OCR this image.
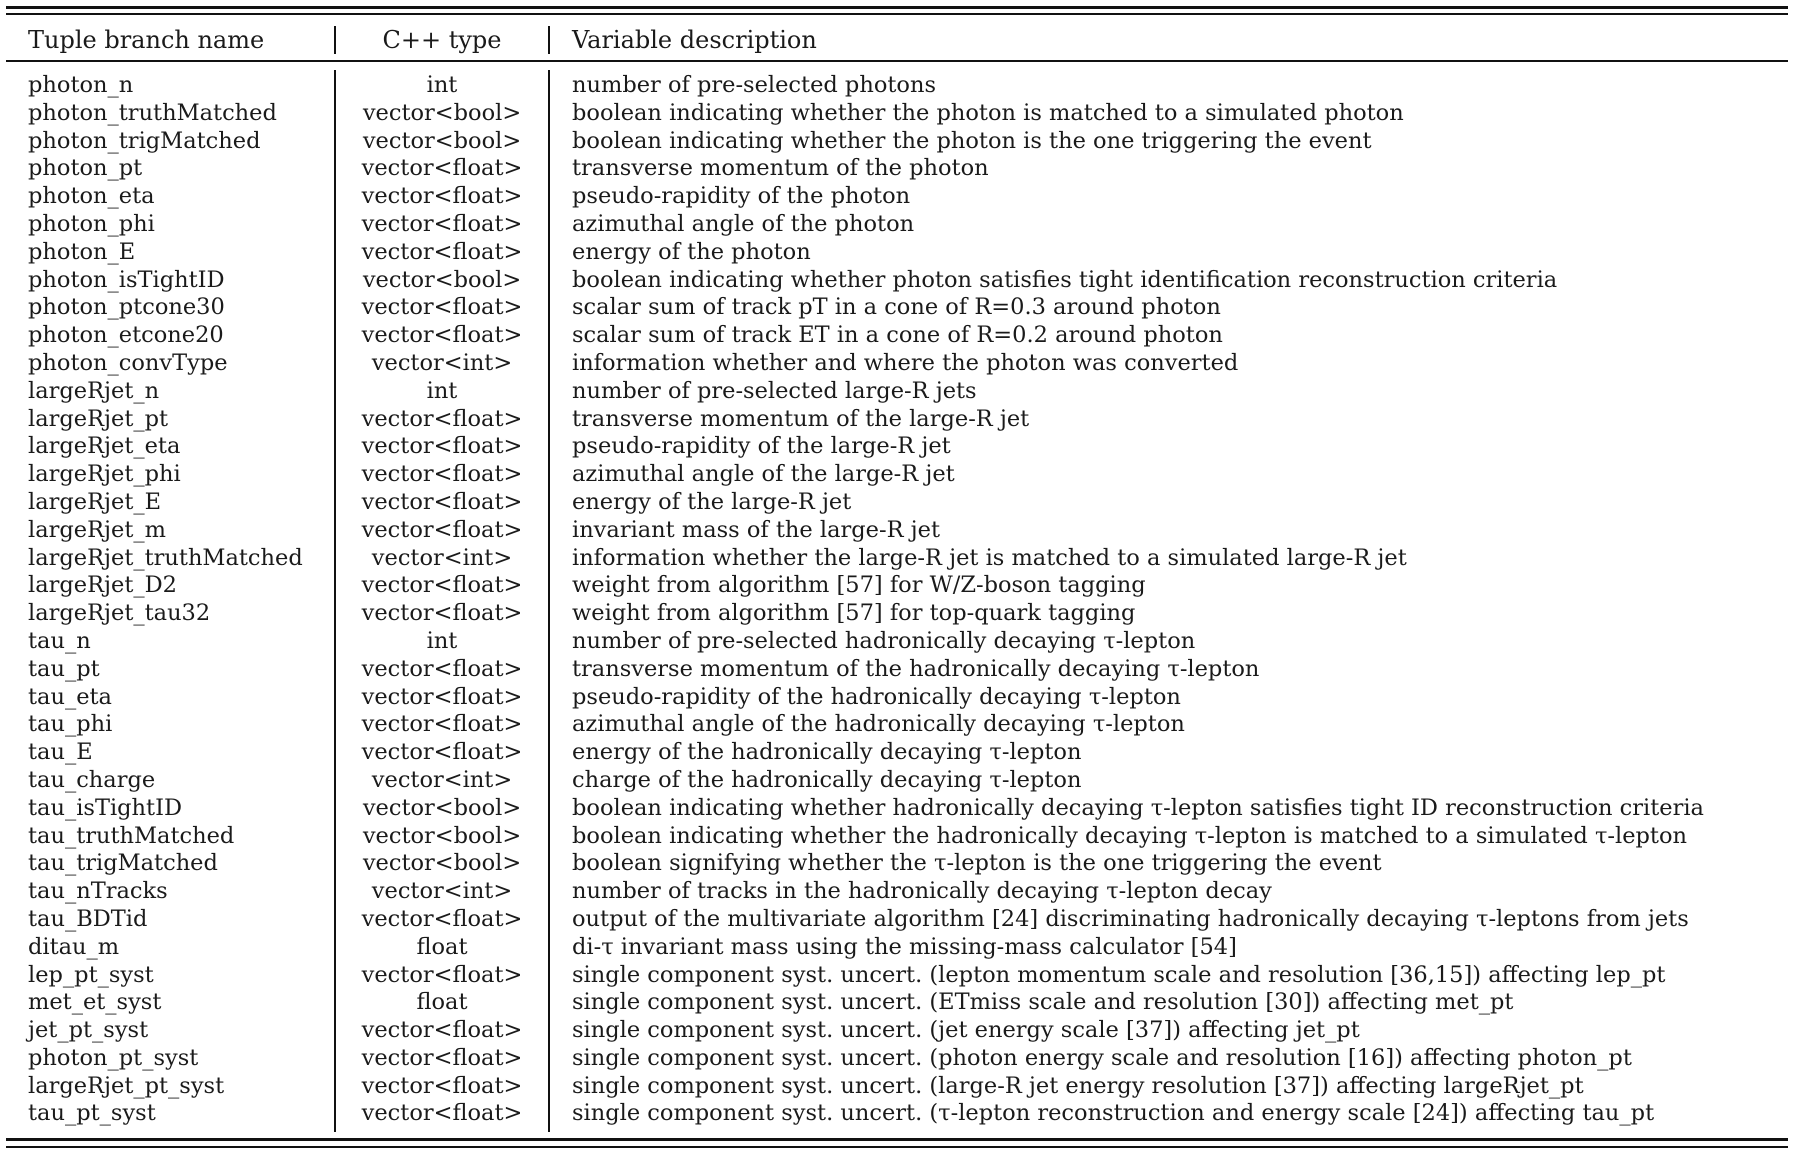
Tuple branch name	C++ type	Variable description
photon_n	int	number of pre-selected photons
photon_truthMatched	vector<bool>	boolean indicating whether the photon is matched to a simulated photon
photon_trigMatched	vector<bool>	boolean indicating whether the photon is the one triggering the event
photon_pt	vector<float>	transverse momentum of the photon
photon_eta	vector<float>	pseudo-rapidity of the photon
photon_phi	vector<float>	azimuthal angle of the photon
photon_E	vector<float>	energy of the photon
photon_isTightID	vector<bool>	boolean indicating whether photon satisfies tight identification reconstruction criteria
photon_ptcone30	vector<float>	scalar sum of track pT in a cone of R=0.3 around photon
photon_etcone20	vector<float>	scalar sum of track ET in a cone of R=0.2 around photon
photon_convType	vector<int>	information whether and where the photon was converted
largeRjet_n	int	number of pre-selected large-R jets
largeRjet_pt	vector<float>	transverse momentum of the large-R jet
largeRjet_eta	vector<float>	pseudo-rapidity of the large-R jet
largeRjet_phi	vector<float>	azimuthal angle of the large-R jet
largeRjet_E	vector<float>	energy of the large-R jet
largeRjet_m	vector<float>	invariant mass of the large-R jet
largeRjet_truthMatched	vector<int>	information whether the large-R jet is matched to a simulated large-R jet
largeRjet_D2	vector<float>	weight from algorithm [57] for W/Z-boson tagging
largeRjet_tau32	vector<float>	weight from algorithm [57] for top-quark tagging
tau_n	int	number of pre-selected hadronically decaying τ-lepton
tau_pt	vector<float>	transverse momentum of the hadronically decaying τ-lepton
tau_eta	vector<float>	pseudo-rapidity of the hadronically decaying τ-lepton
tau_phi	vector<float>	azimuthal angle of the hadronically decaying τ-lepton
tau_E	vector<float>	energy of the hadronically decaying τ-lepton
tau_charge	vector<int>	charge of the hadronically decaying τ-lepton
tau_isTightID	vector<bool>	boolean indicating whether hadronically decaying τ-lepton satisfies tight ID reconstruction criteria
tau_truthMatched	vector<bool>	boolean indicating whether the hadronically decaying τ-lepton is matched to a simulated τ-lepton
tau_trigMatched	vector<bool>	boolean signifying whether the τ-lepton is the one triggering the event
tau_nTracks	vector<int>	number of tracks in the hadronically decaying τ-lepton decay
tau_BDTid	vector<float>	output of the multivariate algorithm [24] discriminating hadronically decaying τ-leptons from jets
ditau_m	float	di-τ invariant mass using the missing-mass calculator [54]
lep_pt_syst	vector<float>	single component syst. uncert. (lepton momentum scale and resolution [36,15]) affecting lep_pt
met_et_syst	float	single component syst. uncert. (ETmiss scale and resolution [30]) affecting met_pt
jet_pt_syst	vector<float>	single component syst. uncert. (jet energy scale [37]) affecting jet_pt
photon_pt_syst	vector<float>	single component syst. uncert. (photon energy scale and resolution [16]) affecting photon_pt
largeRjet_pt_syst	vector<float>	single component syst. uncert. (large-R jet energy resolution [37]) affecting largeRjet_pt
tau_pt_syst	vector<float>	single component syst. uncert. (τ-lepton reconstruction and energy scale [24]) affecting tau_pt
